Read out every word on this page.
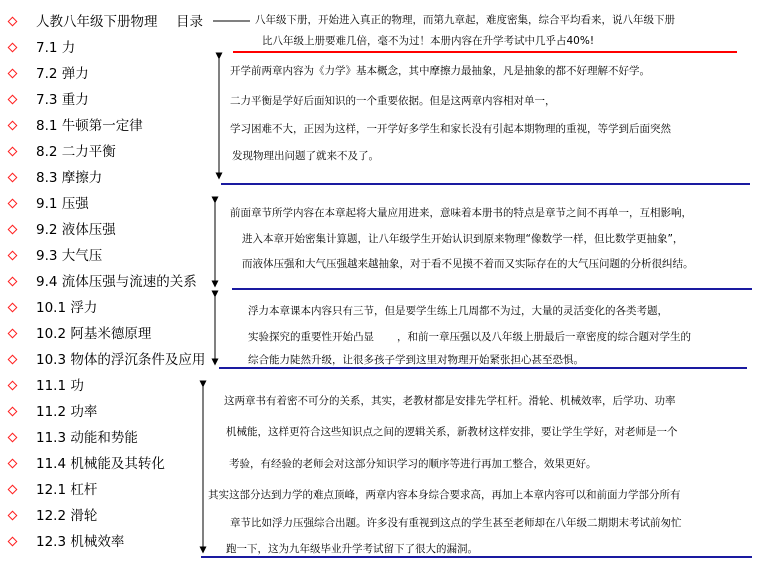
人教八年级下册物理 目录
7.1 力
7.2 弹力
7.3 重力
8.1 牛顿第一定律
8.2 二力平衡
8.3 摩擦力
9.1 压强
9.2 液体压强
9.3 大气压
9.4 流体压强与流速的关系
10.1 浮力
10.2 阿基米德原理
10.3 物体的浮沉条件及应用
11.1 功
11.2 功率
11.3 动能和势能
11.4 机械能及其转化
12.1 杠杆
12.2 滑轮
12.3 机械效率
八年级下册，开始进入真正的物理，而第九章起，难度密集，综合平均看来，说八年级下册
比八年级上册要难几倍，毫不为过！本册内容在升学考试中几乎占40%!
开学前两章内容为《力学》基本概念，其中摩擦力最抽象，凡是抽象的都不好理解不好学。
二力平衡是学好后面知识的一个重要依据。但是这两章内容相对单一，
学习困难不大，正因为这样，一开学好多学生和家长没有引起本期物理的重视，等学到后面突然
发现物理出问题了就来不及了。
前面章节所学内容在本章起将大量应用进来，意味着本册书的特点是章节之间不再单一，互相影响，
进入本章开始密集计算题，让八年级学生开始认识到原来物理“像数学一样，但比数学更抽象”，
而液体压强和大气压强越来越抽象，对于看不见摸不着而又实际存在的大气压问题的分析很纠结。
浮力本章课本内容只有三节，但是要学生练上几周都不为过，大量的灵活变化的各类考题，
实验探究的重要性开始凸显 ，和前一章压强以及八年级上册最后一章密度的综合题对学生的
综合能力陡然升级，让很多孩子学到这里对物理开始紧张担心甚至恐惧。
这两章书有着密不可分的关系，其实，老教材都是安排先学杠杆。滑轮、机械效率，后学功、功率
机械能，这样更符合这些知识点之间的逻辑关系，新教材这样安排，要让学生学好，对老师是一个
考验，有经验的老师会对这部分知识学习的顺序等进行再加工整合，效果更好。
其实这部分达到力学的难点顶峰，两章内容本身综合要求高，再加上本章内容可以和前面力学部分所有
章节比如浮力压强综合出题。许多没有重视到这点的学生甚至老师却在八年级二期期末考试前匆忙
跑一下，这为九年级毕业升学考试留下了很大的漏洞。
